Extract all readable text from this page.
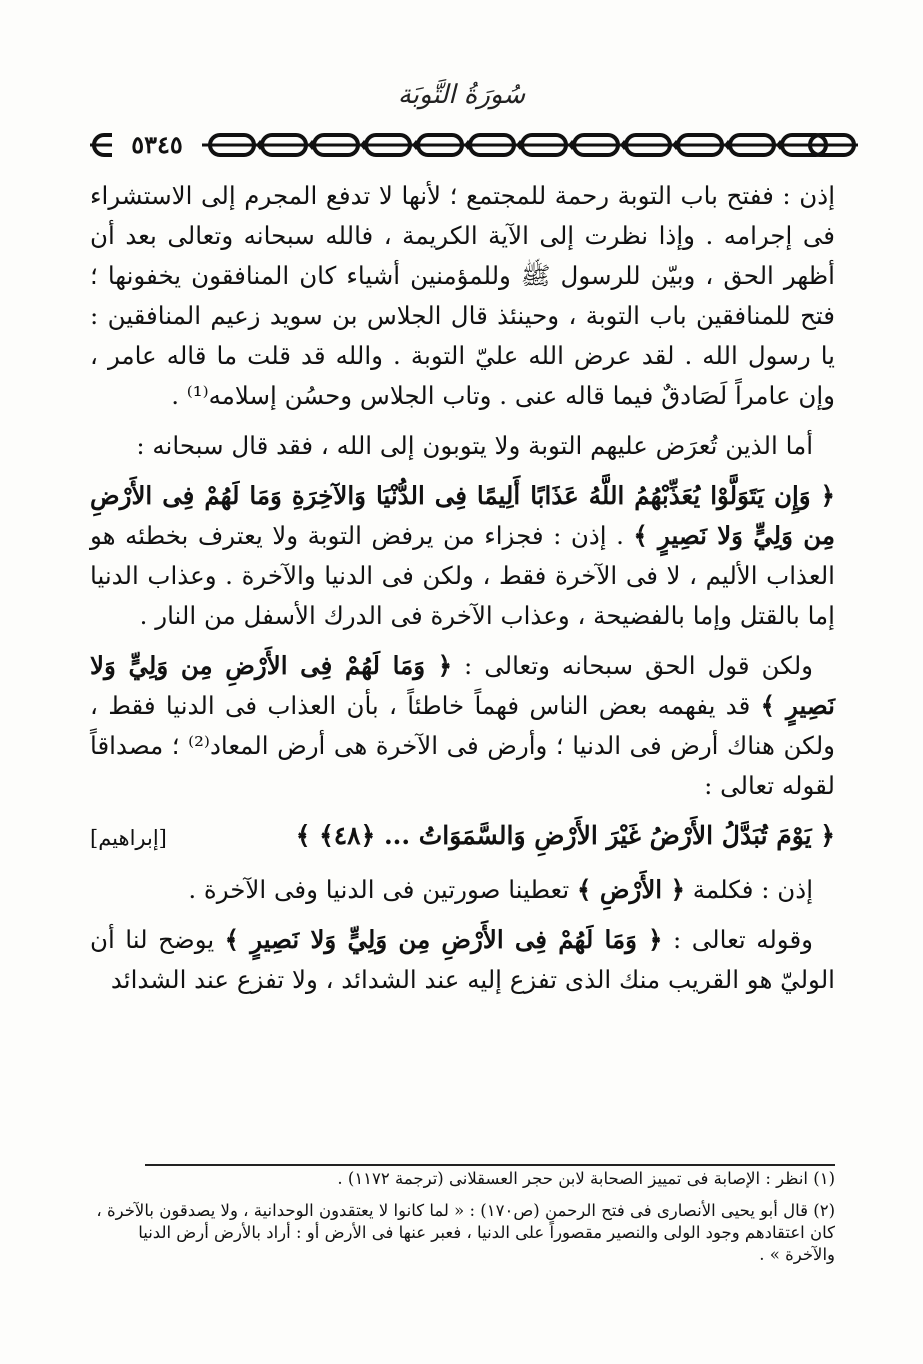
سُورَةُ التَّوبَة
٥٣٤٥

إذن : ففتح باب التوبة رحمة للمجتمع ؛ لأنها لا تدفع المجرم إلى الاستشراء فى إجرامه . وإذا نظرت إلى الآية الكريمة ، فالله سبحانه وتعالى بعد أن أظهر الحق ، وبيّن للرسول ﷺ وللمؤمنين أشياء كان المنافقون يخفونها ؛ فتح للمنافقين باب التوبة ، وحينئذ قال الجلاس بن سويد زعيم المنافقين : يا رسول الله . لقد عرض الله عليّ التوبة . والله قد قلت ما قاله عامر ، وإن عامراً لَصَادقٌ فيما قاله عنى . وتاب الجلاس وحسُن إسلامه⁽¹⁾ .

أما الذين تُعرَض عليهم التوبة ولا يتوبون إلى الله ، فقد قال سبحانه :

﴿ وَإِن يَتَوَلَّوْا يُعَذِّبْهُمُ اللَّهُ عَذَابًا أَلِيمًا فِى الدُّنْيَا وَالآخِرَةِ وَمَا لَهُمْ فِى الأَرْضِ مِن وَلِيٍّ وَلا نَصِيرٍ ﴾ . إذن : فجزاء من يرفض التوبة ولا يعترف بخطئه هو العذاب الأليم ، لا فى الآخرة فقط ، ولكن فى الدنيا والآخرة . وعذاب الدنيا إما بالقتل وإما بالفضيحة ، وعذاب الآخرة فى الدرك الأسفل من النار .

ولكن قول الحق سبحانه وتعالى : ﴿ وَمَا لَهُمْ فِى الأَرْضِ مِن وَلِيٍّ وَلا نَصِيرٍ ﴾ قد يفهمه بعض الناس فهماً خاطئاً ، بأن العذاب فى الدنيا فقط ، ولكن هناك أرض فى الدنيا ؛ وأرض فى الآخرة هى أرض المعاد⁽²⁾ ؛ مصداقاً لقوله تعالى :

﴿ يَوْمَ تُبَدَّلُ الأَرْضُ غَيْرَ الأَرْضِ وَالسَّمَوَاتُ ... ﴿٤٨﴾ ﴾
[إبراهيم]

إذن : فكلمة ﴿ الأَرْضِ ﴾ تعطينا صورتين فى الدنيا وفى الآخرة .

وقوله تعالى : ﴿ وَمَا لَهُمْ فِى الأَرْضِ مِن وَلِيٍّ وَلا نَصِيرٍ ﴾ يوضح لنا أن الوليّ هو القريب منك الذى تفزع إليه عند الشدائد ، ولا تفزع عند الشدائد

(١) انظر : الإصابة فى تمييز الصحابة لابن حجر العسقلانى (ترجمة ١١٧٢) .

(٢) قال أبو يحيى الأنصارى فى فتح الرحمن (ص١٧٠) : « لما كانوا لا يعتقدون الوحدانية ، ولا يصدقون بالآخرة ، كان اعتقادهم وجود الولى والنصير مقصوراً على الدنيا ، فعبر عنها فى الأرض أو : أراد بالأرض أرض الدنيا والآخرة » .
